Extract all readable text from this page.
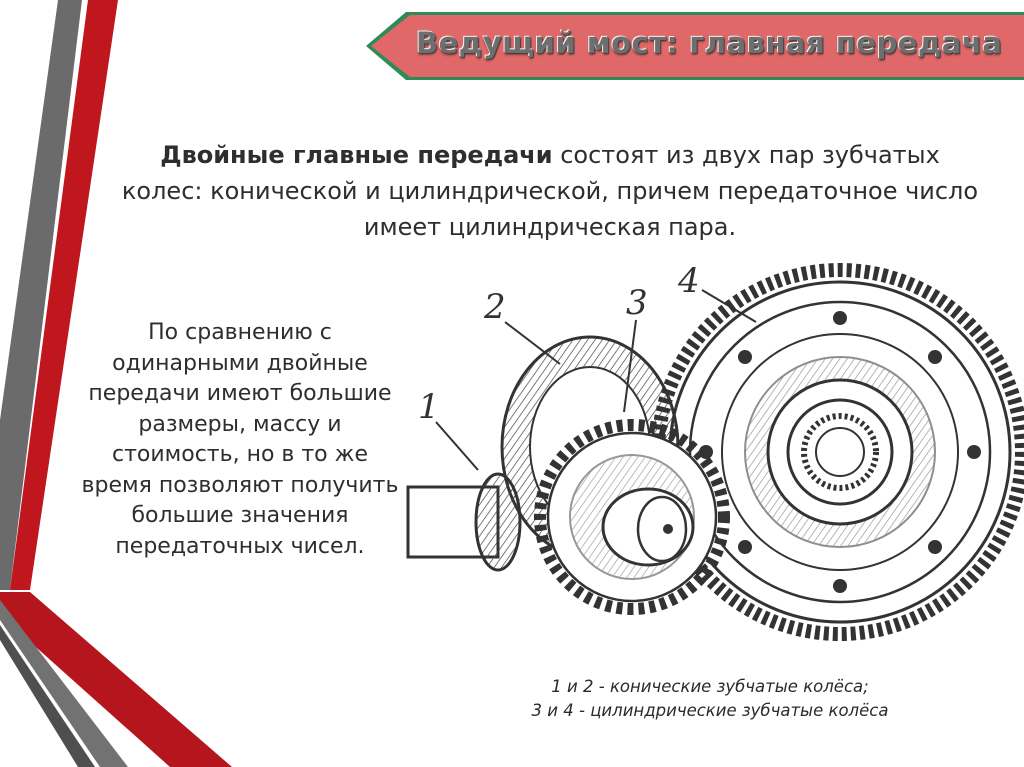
Ведущий мост: главная передача
Двойные главные передачи состоят из двух пар зубчатых колес: конической и цилиндрической, причем передаточное число имеет цилиндрическая пара.
По сравнению с одинарными двойные передачи имеют большие размеры, массу и стоимость, но в то же время позволяют получить большие значения передаточных чисел.
1
2	3
4
1 и 2 - конические зубчатые колёса;
3 и 4 - цилиндрические зубчатые колёса
